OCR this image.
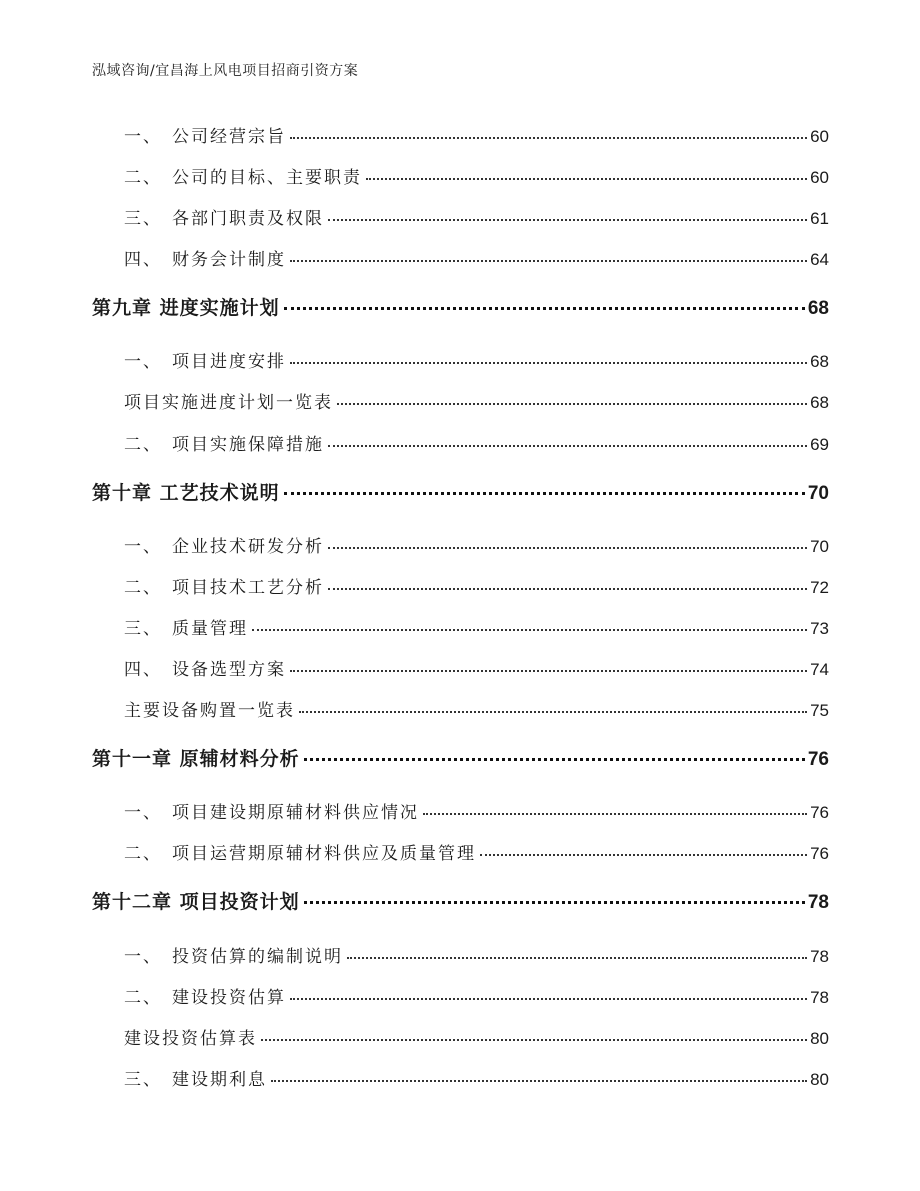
泓域咨询/宜昌海上风电项目招商引资方案
一、 公司经营宗旨	60
二、 公司的目标、主要职责	60
三、 各部门职责及权限	61
四、 财务会计制度	64
第九章 进度实施计划	68
一、 项目进度安排	68
项目实施进度计划一览表	68
二、 项目实施保障措施	69
第十章 工艺技术说明	70
一、 企业技术研发分析	70
二、 项目技术工艺分析	72
三、 质量管理	73
四、 设备选型方案	74
主要设备购置一览表	75
第十一章 原辅材料分析	76
一、 项目建设期原辅材料供应情况	76
二、 项目运营期原辅材料供应及质量管理	76
第十二章 项目投资计划	78
一、 投资估算的编制说明	78
二、 建设投资估算	78
建设投资估算表	80
三、 建设期利息	80
